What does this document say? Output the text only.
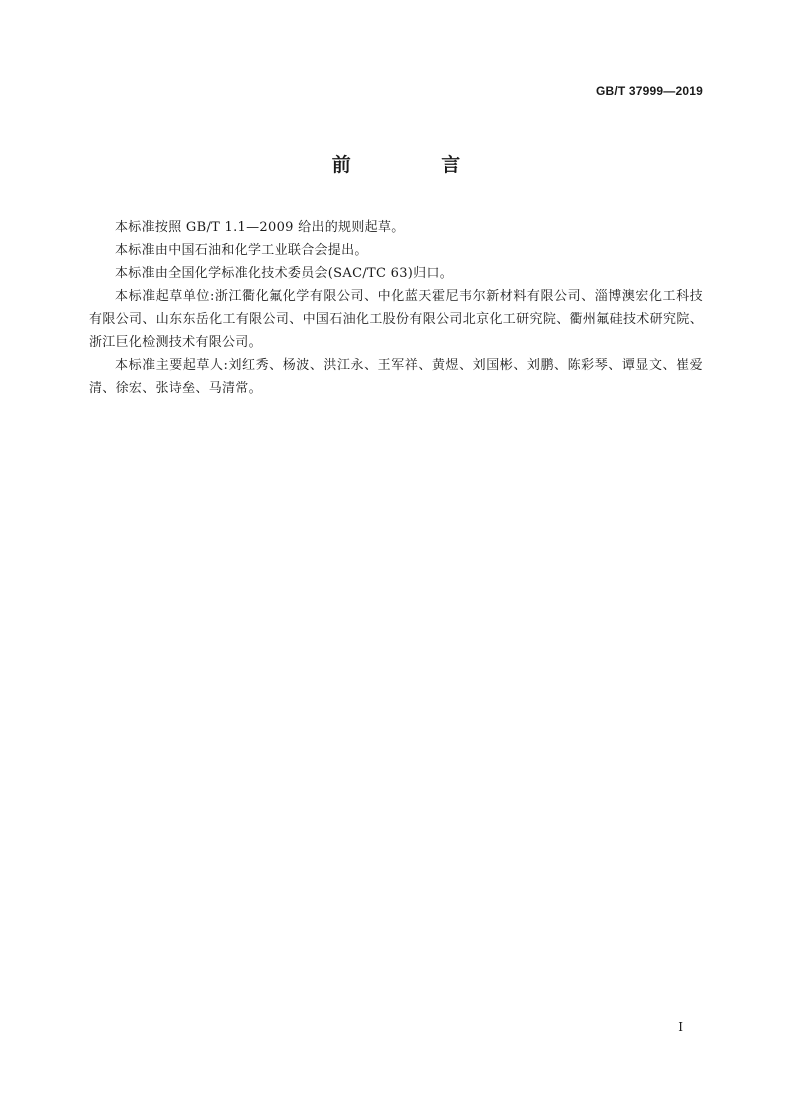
GB/T 37999—2019
前 言

本标准按照 GB/T 1.1—2009 给出的规则起草。

本标准由中国石油和化学工业联合会提出。

本标准由全国化学标准化技术委员会(SAC/TC 63)归口。

本标准起草单位:浙江衢化氟化学有限公司、中化蓝天霍尼韦尔新材料有限公司、淄博澳宏化工科技有限公司、山东东岳化工有限公司、中国石油化工股份有限公司北京化工研究院、衢州氟硅技术研究院、浙江巨化检测技术有限公司。

本标准主要起草人:刘红秀、杨波、洪江永、王军祥、黄煜、刘国彬、刘鹏、陈彩琴、谭显文、崔爱清、徐宏、张诗垒、马清常。

I
